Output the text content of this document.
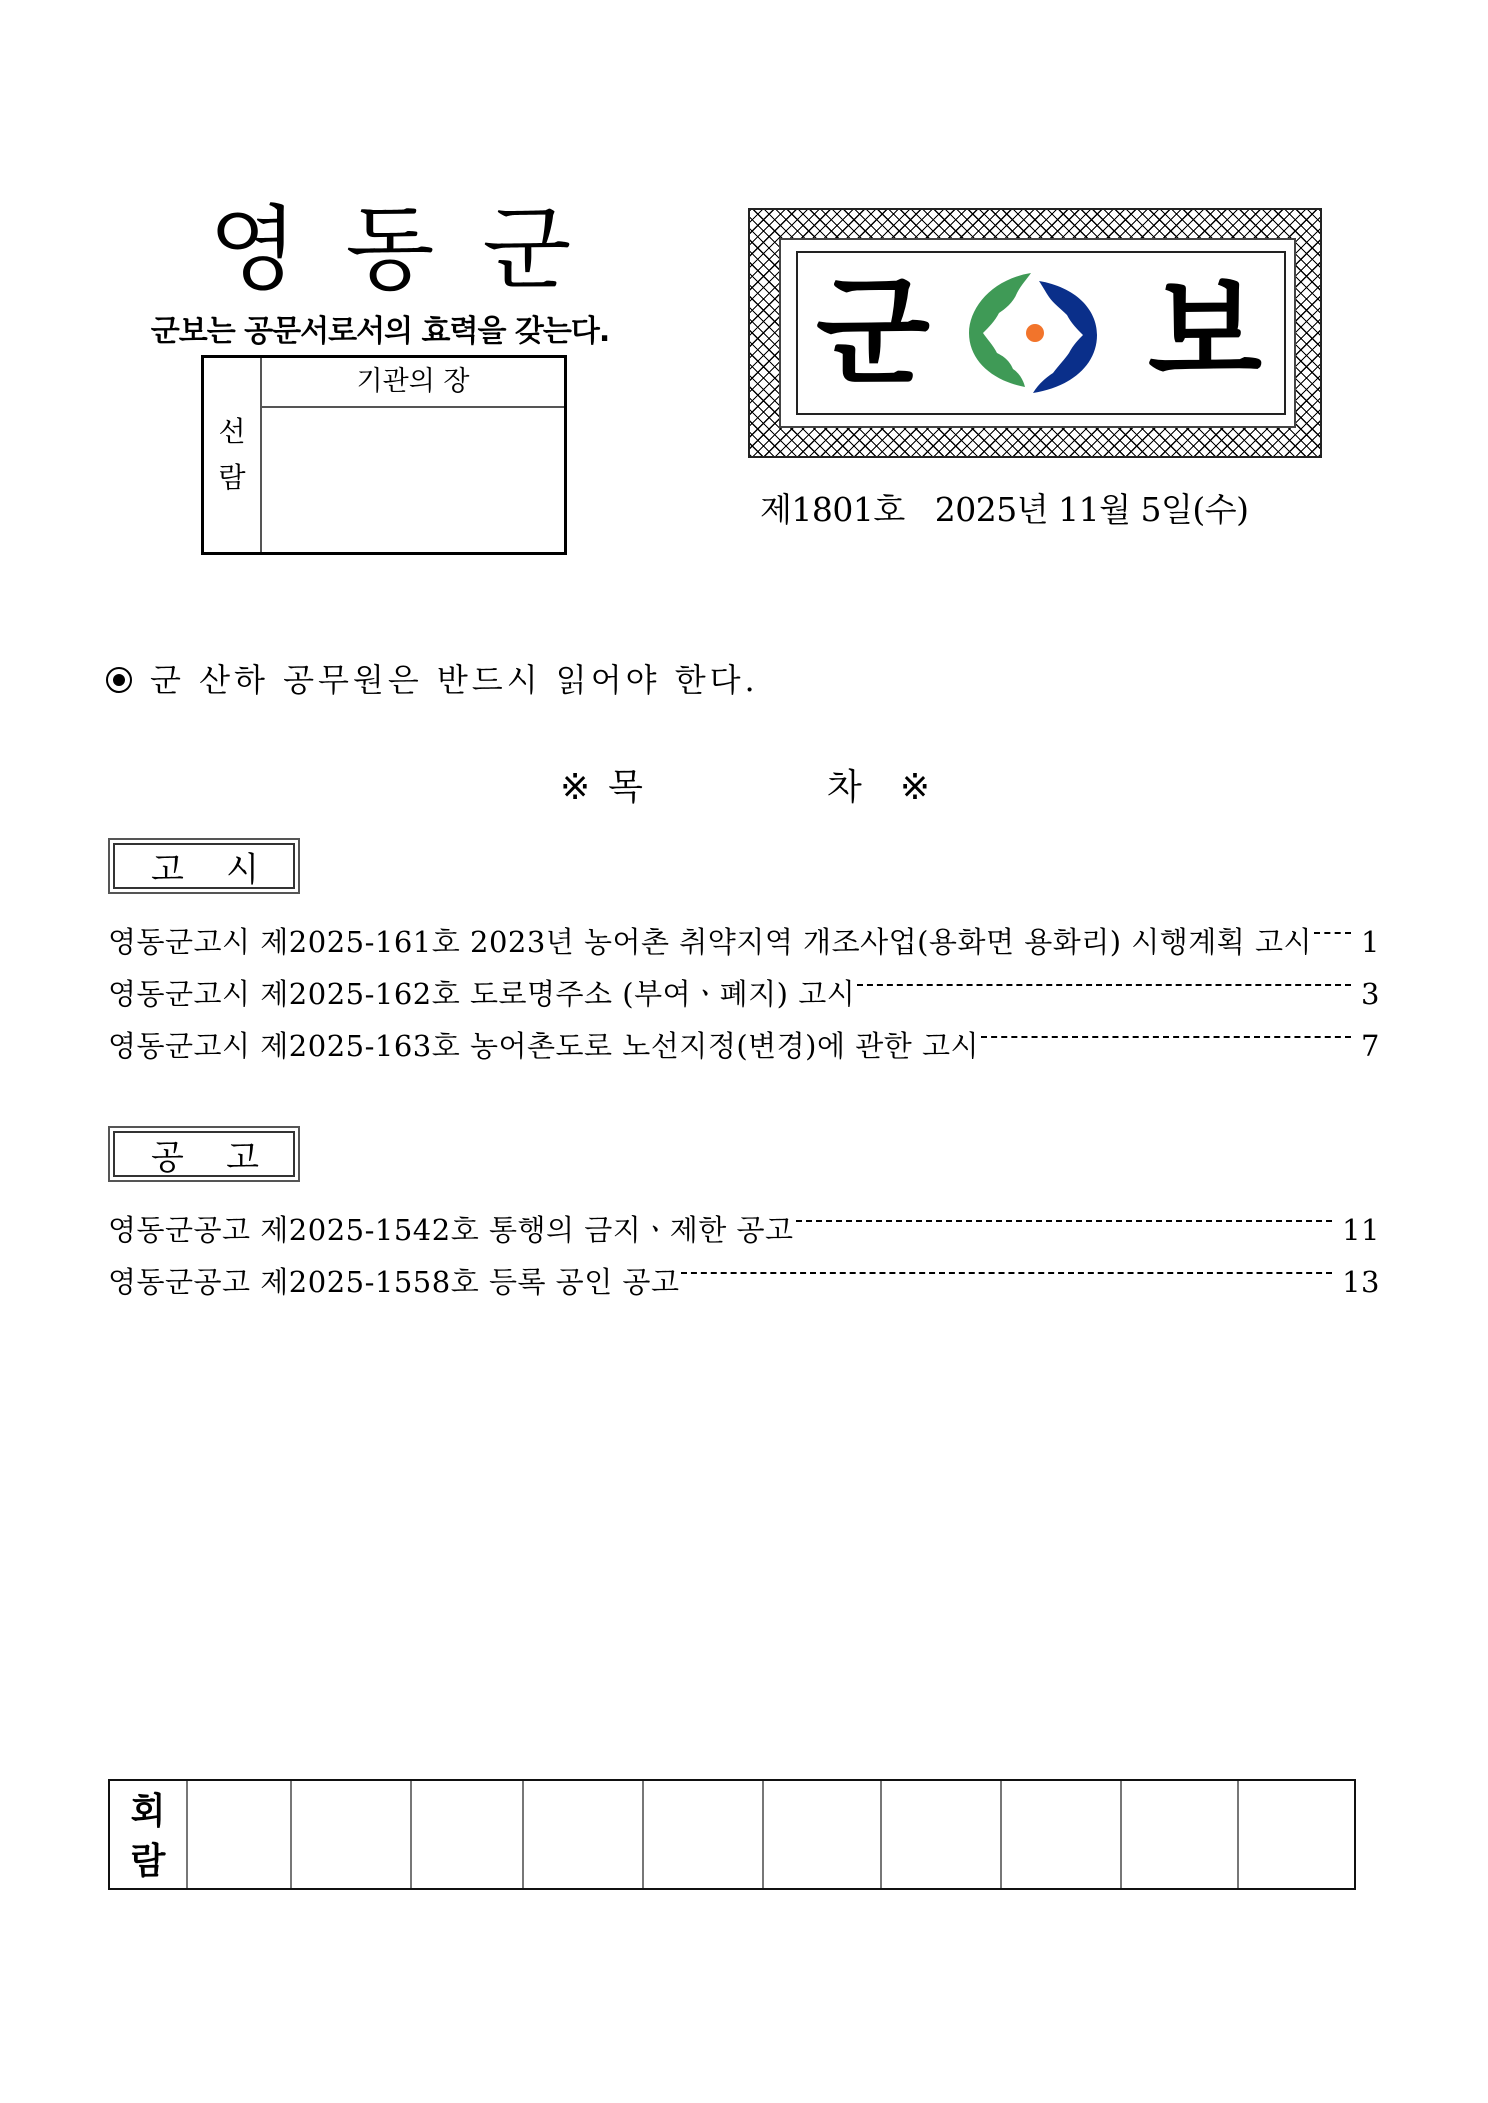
영동군
군보는 공문서로서의 효력을 갖는다.
선
람
기관의 장	군 보
제1801호 2025년 11월 5일(수)
군 산하 공무원은 반드시 읽어야 한다.
※ 목	차 ※
고 시
영동군고시 제2025-161호 2023년 농어촌 취약지역 개조사업(용화면 용화리) 시행계획 고시 1
영동군고시 제2025-162호 도로명주소 (부여ㆍ폐지) 고시	3
영동군고시 제2025-163호 농어촌도로 노선지정(변경)에 관한 고시	7
공 고
영동군공고 제2025-1542호 통행의 금지ㆍ제한 공고	11
영동군공고 제2025-1558호 등록 공인 공고	13
회
람
